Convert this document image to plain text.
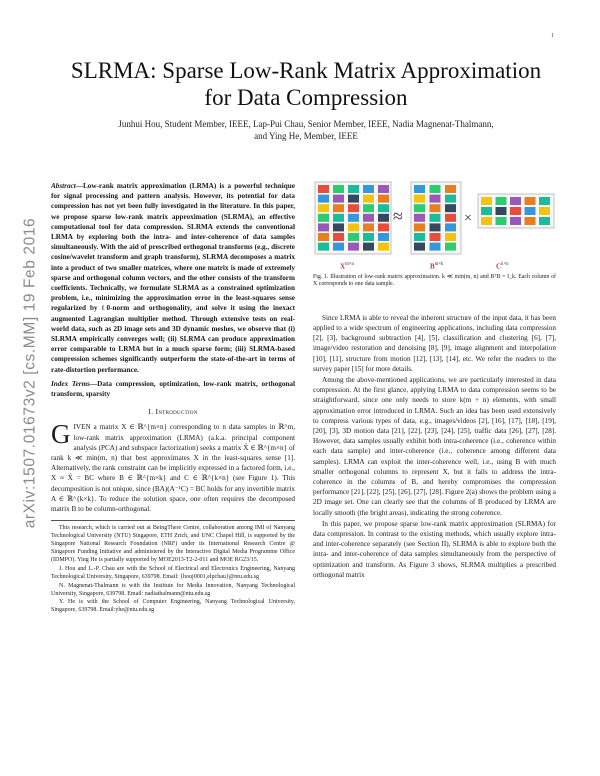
1
arXiv:1507.01673v2 [cs.MM] 19 Feb 2016
SLRMA: Sparse Low-Rank Matrix Approximation
for Data Compression
Junhui Hou, Student Member, IEEE, Lap-Pui Chau, Senior Member, IEEE, Nadia Magnenat-Thalmann,
and Ying He, Member, IEEE
Abstract—Low-rank matrix approximation (LRMA) is a powerful technique for signal processing and pattern analysis. However, its potential for data compression has not yet been fully investigated in the literature. In this paper, we propose sparse low-rank matrix approximation (SLRMA), an effective computational tool for data compression. SLRMA extends the conventional LRMA by exploring both the intra- and inter-coherence of data samples simultaneously. With the aid of prescribed orthogonal transforms (e.g., discrete cosine/wavelet transform and graph transform), SLRMA decomposes a matrix into a product of two smaller matrices, where one matrix is made of extremely sparse and orthogonal column vectors, and the other consists of the transform coefficients. Technically, we formulate SLRMA as a constrained optimization problem, i.e., minimizing the approximation error in the least-squares sense regularized by ℓ0-norm and orthogonality, and solve it using the inexact augmented Lagrangian multiplier method. Through extensive tests on real-world data, such as 2D image sets and 3D dynamic meshes, we observe that (i) SLRMA empirically converges well; (ii) SLRMA can produce approximation error comparable to LRMA but in a much sparse form; (iii) SLRMA-based compression schemes significantly outperform the state-of-the-art in terms of rate-distortion performance.
Index Terms—Data compression, optimization, low-rank matrix, orthogonal transform, sparsity
I. Introduction

GIVEN a matrix X ∈ ℝ^{m×n} corresponding to n data samples in ℝ^m, low-rank matrix approximation (LRMA) (a.k.a. principal component analysis (PCA) and subspace factorization) seeks a matrix X̂ ∈ ℝ^{m×n} of rank k ≪ min(m, n) that best approximates X in the least-squares sense [1]. Alternatively, the rank constraint can be implicitly expressed in a factored form, i.e., X ≈ X̂ = BC where B ∈ ℝ^{m×k} and C ∈ ℝ^{k×n} (see Figure 1). This decomposition is not unique, since (BA)(A⁻¹C) = BC holds for any invertible matrix A ∈ ℝ^{k×k}. To reduce the solution space, one often requires the decomposed matrix B to be column-orthogonal.

This research, which is carried out at BeingThere Centre, collaboration among IMI of Nanyang Technological University (NTU) Singapore, ETH Zrich, and UNC Chapel Hill, is supported by the Singapore National Research Foundation (NRF) under its International Research Centre @ Singapore Funding Initiative and administered by the Interactive Digital Media Programme Office (IDMPO). Ying He is partially supported by MOE2013-T2-2-011 and MOE RG23/15.

J. Hou and L.-P. Chau are with the School of Electrical and Electronics Engineering, Nanyang Technological University, Singapore, 639798. Email: {houj0001,elpchau}@ntu.edu.sg

N. Magnenat-Thalmann is with the Institute for Media Innovation, Nanyang Technological University, Singapore, 639798. Email: nadiathalmann@ntu.edu.sg

Y. He is with the School of Computer Engineering, Nanyang Technological University, Singapore, 639798. Email:yhe@ntu.edu.sg

≈	×
$X^{m\times n}$	$B^{m\times k}$	$C^{k\times n}$
Fig. 1. Illustration of low-rank matrix approximation. k ≪ min(m, n) and BᵀB = I_k. Each column of X corresponds to one data sample.

Since LRMA is able to reveal the inherent structure of the input data, it has been applied to a wide spectrum of engineering applications, including data compression [2], [3], background subtraction [4], [5], classification and clustering [6], [7], image/video restoration and denoising [8], [9], image alignment and interpolation [10], [11], structure from motion [12], [13], [14], etc. We refer the readers to the survey paper [15] for more details.

Among the above-mentioned applications, we are particularly interested in data compression. At the first glance, applying LRMA to data compression seems to be straightforward, since one only needs to store k(m + n) elements, with small approximation error introduced in LRMA. Such an idea has been used extensively to compress various types of data, e.g., images/videos [2], [16], [17], [18], [19], [20], [3], 3D motion data [21], [22], [23], [24], [25], traffic data [26], [27], [28]. However, data samples usually exhibit both intra-coherence (i.e., coherence within each data sample) and inter-coherence (i.e., coherence among different data samples). LRMA can exploit the inter-coherence well, i.e., using B with much smaller orthogonal columns to represent X, but it fails to address the intra-coherence in the columns of B, and hereby compromises the compression performance [21], [22], [25], [26], [27], [28]. Figure 2(a) shows the problem using a 2D image set. One can clearly see that the columns of B produced by LRMA are locally smooth (the bright areas), indicating the strong coherence.

In this paper, we propose sparse low-rank matrix approximation (SLRMA) for data compression. In contrast to the existing methods, which usually explore intra- and inter-coherence separately (see Section II), SLRMA is able to explore both the intra- and inter-coherence of data samples simultaneously from the perspective of optimization and transform. As Figure 3 shows, SLRMA multiplies a prescribed orthogonal matrix
